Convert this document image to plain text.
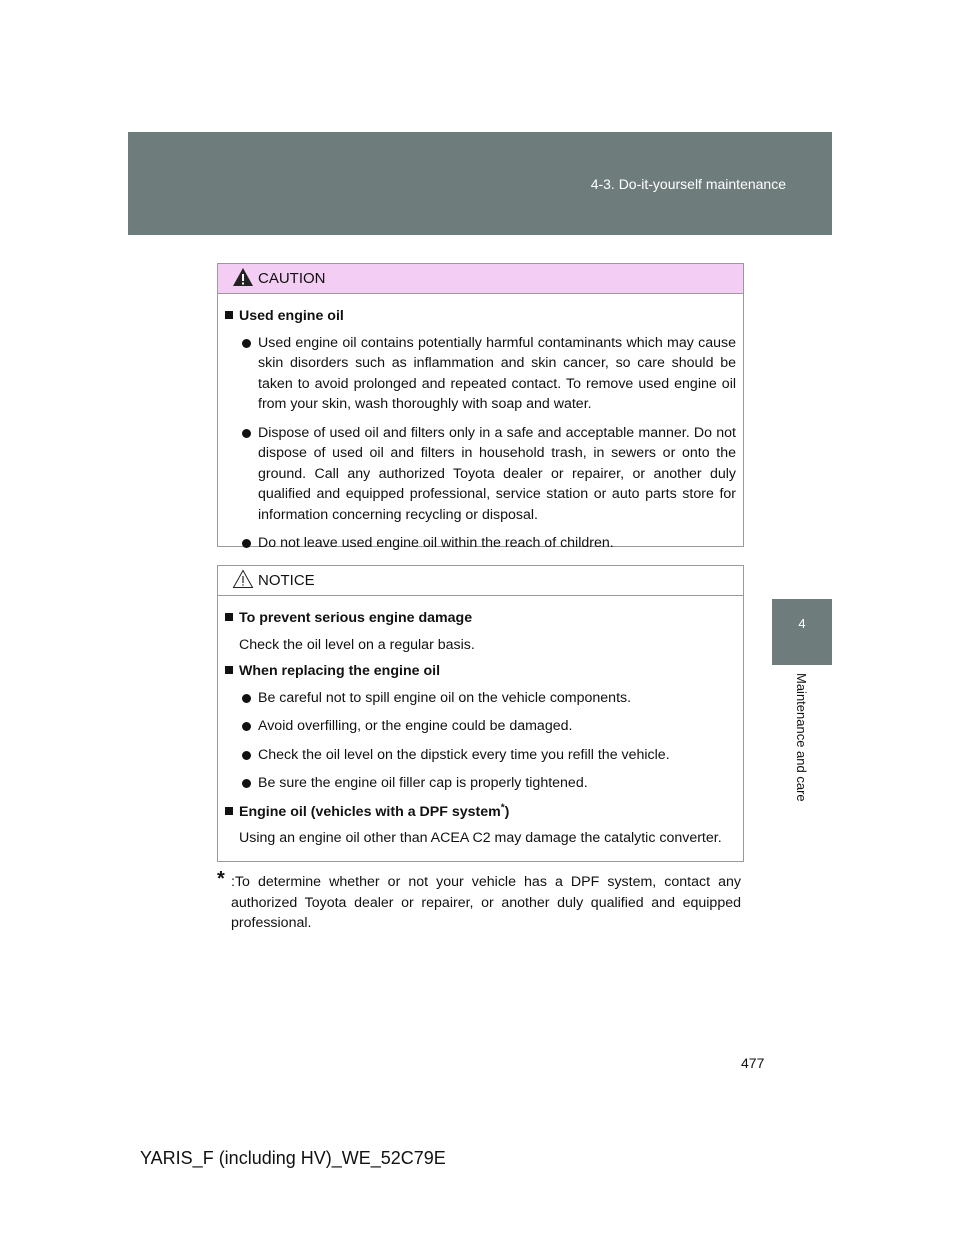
4-3. Do-it-yourself maintenance
4
Maintenance and care
CAUTION
Used engine oil
Used engine oil contains potentially harmful contaminants which may cause skin disorders such as inflammation and skin cancer, so care should be taken to avoid prolonged and repeated contact. To remove used engine oil from your skin, wash thoroughly with soap and water.
Dispose of used oil and filters only in a safe and acceptable manner. Do not dispose of used oil and filters in household trash, in sewers or onto the ground. Call any authorized Toyota dealer or repairer, or another duly qualified and equipped professional, service station or auto parts store for information concerning recycling or disposal.
Do not leave used engine oil within the reach of children.
NOTICE
To prevent serious engine damage
Check the oil level on a regular basis.
When replacing the engine oil
Be careful not to spill engine oil on the vehicle components.
Avoid overfilling, or the engine could be damaged.
Check the oil level on the dipstick every time you refill the vehicle.
Be sure the engine oil filler cap is properly tightened.
Engine oil (vehicles with a DPF system*)
Using an engine oil other than ACEA C2 may damage the catalytic converter.
* :To determine whether or not your vehicle has a DPF system, contact any authorized Toyota dealer or repairer, or another duly qualified and equipped professional.
477
YARIS_F (including HV)_WE_52C79E
